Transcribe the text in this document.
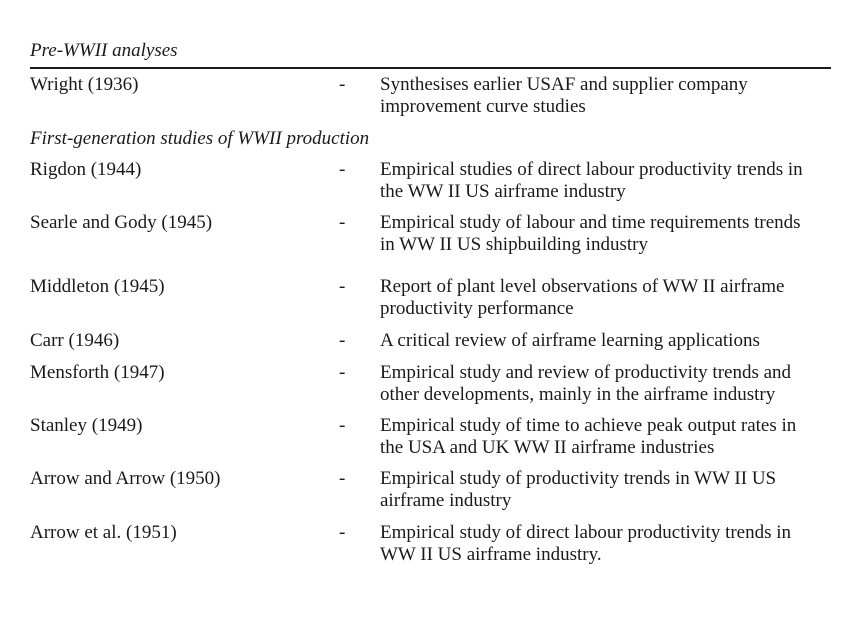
Pre-WWII analyses
Wright (1936)	- Synthesises earlier USAF and supplier company
improvement curve studies
First-generation studies of WWII production
Rigdon (1944)	- Empirical studies of direct labour productivity trends in
the WW II US airframe industry
Searle and Gody (1945)	- Empirical study of labour and time requirements trends
in WW II US shipbuilding industry
Middleton (1945)	- Report of plant level observations of WW II airframe
productivity performance
Carr (1946)	- A critical review of airframe learning applications
Mensforth (1947)	- Empirical study and review of productivity trends and
other developments, mainly in the airframe industry
Stanley (1949)	- Empirical study of time to achieve peak output rates in
the USA and UK WW II airframe industries
Arrow and Arrow (1950)	- Empirical study of productivity trends in WW II US
airframe industry
Arrow et al. (1951)	- Empirical study of direct labour productivity trends in
WW II US airframe industry.
